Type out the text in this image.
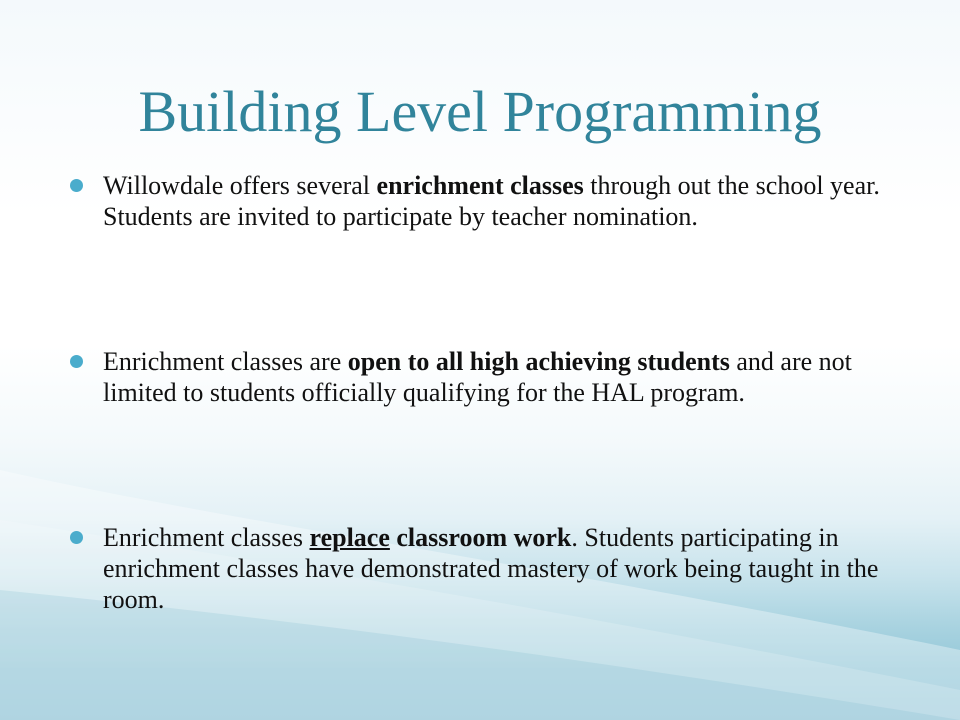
Building Level Programming
Willowdale offers several enrichment classes through out the school year. Students are invited to participate by teacher nomination.
Enrichment classes are open to all high achieving students and are not limited to students officially qualifying for the HAL program.
Enrichment classes replace classroom work. Students participating in enrichment classes have demonstrated mastery of work being taught in the room.
